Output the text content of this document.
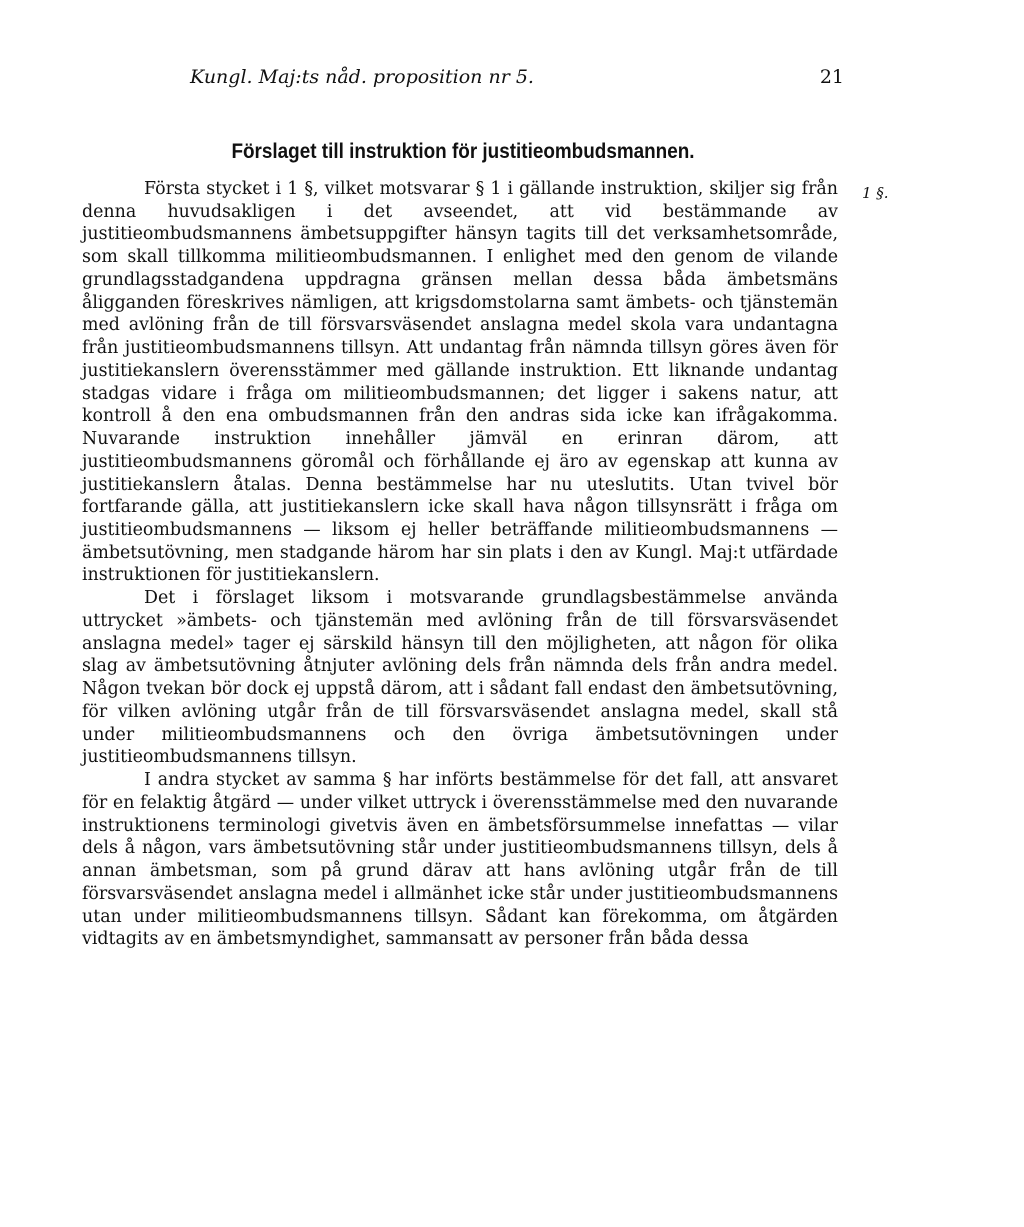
Kungl. Maj:ts nåd. proposition nr 5.	21
Förslaget till instruktion för justitieombudsmannen.
1 §.

Första stycket i 1 §, vilket motsvarar § 1 i gällande instruktion, skiljer sig från denna huvudsakligen i det avseendet, att vid bestämmande av justitieombudsmannens ämbetsuppgifter hänsyn tagits till det verksamhetsområde, som skall tillkomma militieombudsmannen. I enlighet med den genom de vilande grundlagsstadgandena uppdragna gränsen mellan dessa båda ämbetsmäns åligganden föreskrives nämligen, att krigsdomstolarna samt ämbets- och tjänstemän med avlöning från de till försvarsväsendet anslagna medel skola vara undantagna från justitieombudsmannens tillsyn. Att undantag från nämnda tillsyn göres även för justitiekanslern överensstämmer med gällande instruktion. Ett liknande undantag stadgas vidare i fråga om militieombudsmannen; det ligger i sakens natur, att kontroll å den ena ombudsmannen från den andras sida icke kan ifrågakomma. Nuvarande instruktion innehåller jämväl en erinran därom, att justitieombudsmannens göromål och förhållande ej äro av egenskap att kunna av justitiekanslern åtalas. Denna bestämmelse har nu uteslutits. Utan tvivel bör fortfarande gälla, att justitiekanslern icke skall hava någon tillsynsrätt i fråga om justitieombudsmannens — liksom ej heller beträffande militieombudsmannens — ämbetsutövning, men stadgande härom har sin plats i den av Kungl. Maj:t utfärdade instruktionen för justitiekanslern.

Det i förslaget liksom i motsvarande grundlagsbestämmelse använda uttrycket »ämbets- och tjänstemän med avlöning från de till försvarsväsendet anslagna medel» tager ej särskild hänsyn till den möjligheten, att någon för olika slag av ämbetsutövning åtnjuter avlöning dels från nämnda dels från andra medel. Någon tvekan bör dock ej uppstå därom, att i sådant fall endast den ämbetsutövning, för vilken avlöning utgår från de till försvarsväsendet anslagna medel, skall stå under militieombudsmannens och den övriga ämbetsutövningen under justitieombudsmannens tillsyn.

I andra stycket av samma § har införts bestämmelse för det fall, att ansvaret för en felaktig åtgärd — under vilket uttryck i överensstämmelse med den nuvarande instruktionens terminologi givetvis även en ämbetsförsummelse innefattas — vilar dels å någon, vars ämbetsutövning står under justitieombudsmannens tillsyn, dels å annan ämbetsman, som på grund därav att hans avlöning utgår från de till försvarsväsendet anslagna medel i allmänhet icke står under justitieombudsmannens utan under militieombudsmannens tillsyn. Sådant kan förekomma, om åtgärden vidtagits av en ämbetsmyndighet, sammansatt av personer från båda dessa
